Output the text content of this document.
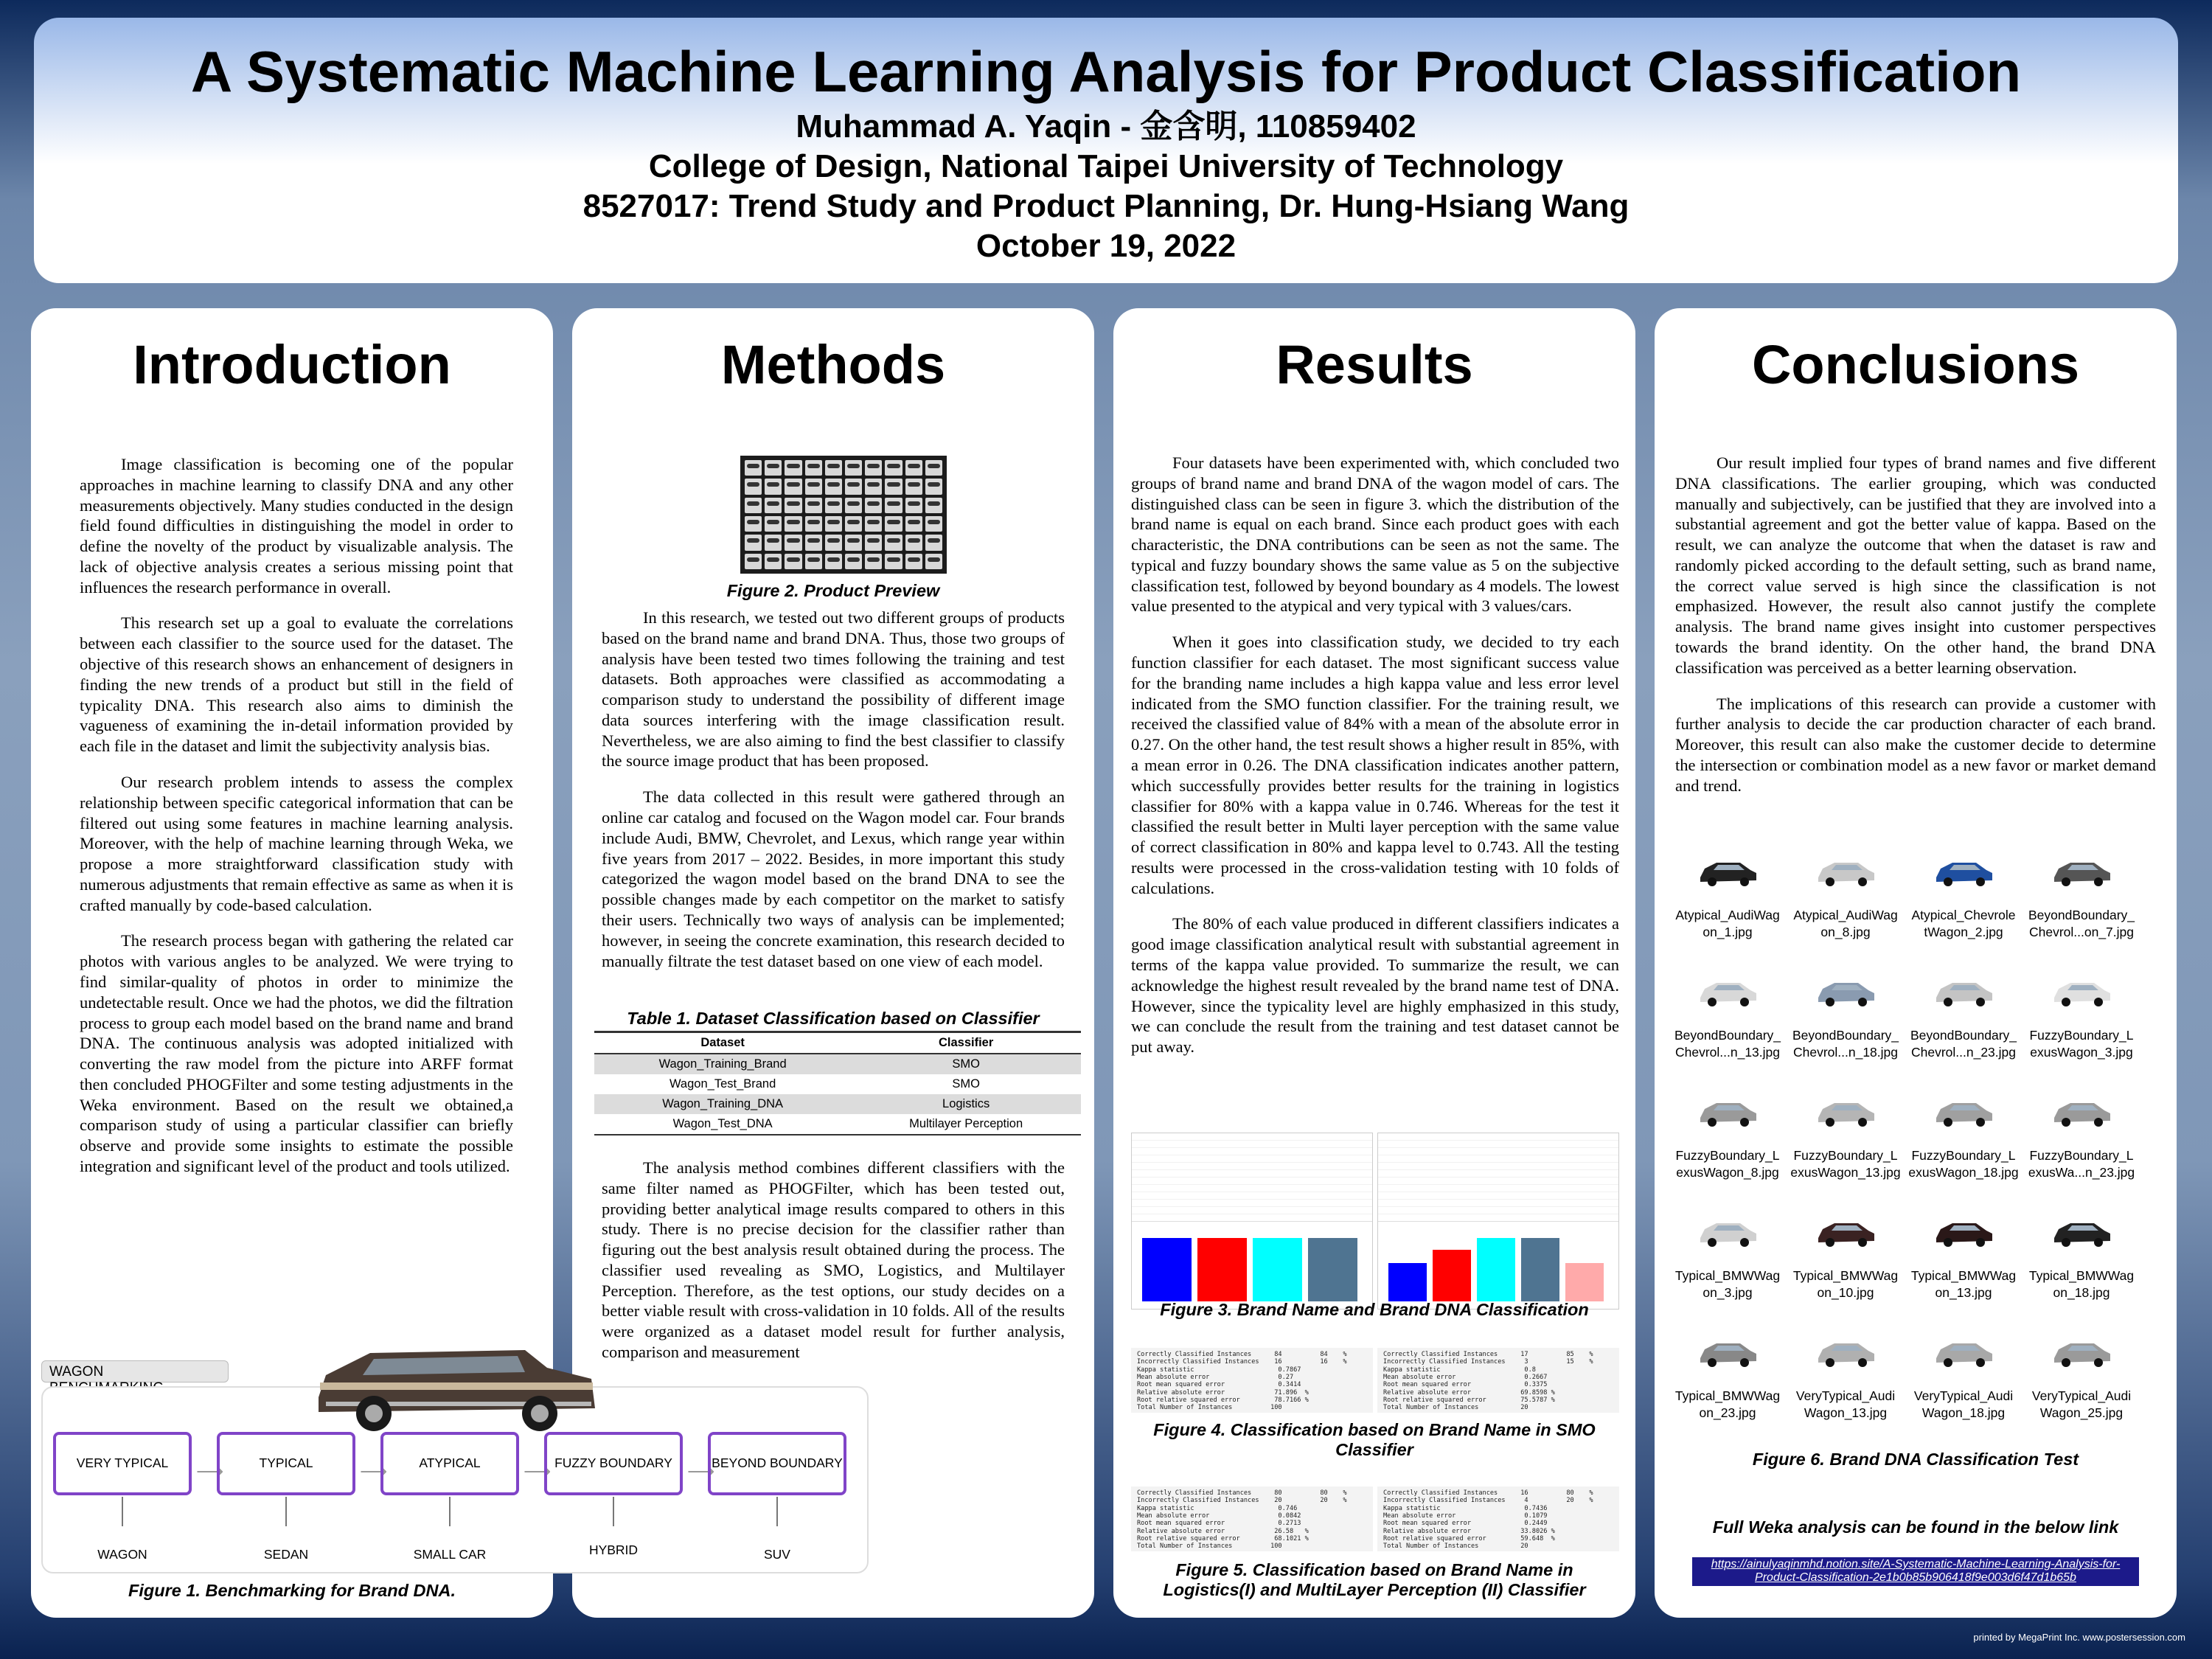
A Systematic Machine Learning Analysis for Product Classification
Muhammad A. Yaqin - 金含明, 110859402
College of Design, National Taipei University of Technology
8527017: Trend Study and Product Planning, Dr. Hung-Hsiang Wang
October 19, 2022
Introduction

Image classification is becoming one of the popular approaches in machine learning to classify DNA and any other measurements objectively. Many studies conducted in the design field found difficulties in distinguishing the model in order to define the novelty of the product by visualizable analysis. The lack of objective analysis creates a serious missing point that influences the research performance in overall.

This research set up a goal to evaluate the correlations between each classifier to the source used for the dataset. The objective of this research shows an enhancement of designers in finding the new trends of a product but still in the field of typicality DNA. This research also aims to diminish the vagueness of examining the in-detail information provided by each file in the dataset and limit the subjectivity analysis bias.

Our research problem intends to assess the complex relationship between specific categorical information that can be filtered out using some features in machine learning analysis. Moreover, with the help of machine learning through Weka, we propose a more straightforward classification study with numerous adjustments that remain effective as same as when it is crafted manually by code-based calculation.

The research process began with gathering the related car photos with various angles to be analyzed. We were trying to find similar-quality of photos in order to minimize the undetectable result. Once we had the photos, we did the filtration process to group each model based on the brand name and brand DNA. The continuous analysis was adopted initialized with converting the raw model from the picture into ARFF format then concluded PHOGFilter and some testing adjustments in the Weka environment. Based on the result we obtained,a comparison study of using a particular classifier can briefly observe and provide some insights to estimate the possible integration and significant level of the product and tools utilized.

Methods
Figure 2. Product Preview

In this research, we tested out two different groups of products based on the brand name and brand DNA. Thus, those two groups of analysis have been tested two times following the training and test datasets. Both approaches were classified as accommodating a comparison study to understand the possibility of different image data sources interfering with the image classification result. Nevertheless, we are also aiming to find the best classifier to classify the source image product that has been proposed.

The data collected in this result were gathered through an online car catalog and focused on the Wagon model car. Four brands include Audi, BMW, Chevrolet, and Lexus, which range year within five years from 2017 – 2022. Besides, in more important this study categorized the wagon model based on the brand DNA to see the possible changes made by each competitor on the market to satisfy their users. Technically two ways of analysis can be implemented; however, in seeing the concrete examination, this research decided to manually filtrate the test dataset based on one view of each model.

Table 1. Dataset Classification based on Classifier
Dataset	Classifier
Wagon_Training_Brand	SMO
Wagon_Test_Brand	SMO
Wagon_Training_DNA	Logistics
Wagon_Test_DNA	Multilayer Perception

The analysis method combines different classifiers with the same filter named as PHOGFilter, which has been tested out, providing better analytical image results compared to others in this study. There is no precise decision for the classifier rather than figuring out the best analysis result obtained during the process. The classifier used revealing as SMO, Logistics, and Multilayer Perception. Therefore, as the test options, our study decides on a better viable result with cross-validation in 10 folds. All of the results were organized as a dataset model result for further analysis, comparison and measurement

Results

Four datasets have been experimented with, which concluded two groups of brand name and brand DNA of the wagon model of cars. The distinguished class can be seen in figure 3. which the distribution of the brand name is equal on each brand. Since each product goes with each characteristic, the DNA contributions can be seen as not the same. The typical and fuzzy boundary shows the same value as 5 on the subjective classification test, followed by beyond boundary as 4 models. The lowest value presented to the atypical and very typical with 3 values/cars.

When it goes into classification study, we decided to try each function classifier for each dataset. The most significant success value for the branding name includes a high kappa value and less error level indicated from the SMO function classifier. For the training result, we received the classified value of 84% with a mean of the absolute error in 0.27. On the other hand, the test result shows a higher result in 85%, with a mean error in 0.26. The DNA classification indicates another pattern, which successfully provides better results for the training in logistics classifier for 80% with a kappa value in 0.746. Whereas for the test it classified the result better in Multi layer perception with the same value of correct classification in 80% and kappa level to 0.743. All the testing results were processed in the cross-validation testing with 10 folds of calculations.

The 80% of each value produced in different classifiers indicates a good image classification analytical result with substantial agreement in terms of the kappa value provided. To summarize the result, we can acknowledge the highest result revealed by the brand name test of DNA. However, since the typicality level are highly emphasized in this study, we can conclude the result from the training and test dataset cannot be put away.

Figure 3. Brand Name and Brand DNA Classification
Correctly Classified Instances      84          84    %
Incorrectly Classified Instances    16          16    %
Kappa statistic                      0.7867
Mean absolute error                  0.27
Root mean squared error              0.3414
Relative absolute error             71.896  %
Root relative squared error         78.7166 %
Total Number of Instances          100
Correctly Classified Instances      17          85    %
Incorrectly Classified Instances     3          15    %
Kappa statistic                      0.8
Mean absolute error                  0.2667
Root mean squared error              0.3375
Relative absolute error             69.8598 %
Root relative squared error         75.5787 %
Total Number of Instances           20
Figure 4. Classification based on Brand Name in SMO Classifier
Correctly Classified Instances      80          80    %
Incorrectly Classified Instances    20          20    %
Kappa statistic                      0.746
Mean absolute error                  0.0842
Root mean squared error              0.2713
Relative absolute error             26.58   %
Root relative squared error         68.1021 %
Total Number of Instances          100
Correctly Classified Instances      16          80    %
Incorrectly Classified Instances     4          20    %
Kappa statistic                      0.7436
Mean absolute error                  0.1079
Root mean squared error              0.2449
Relative absolute error             33.8026 %
Root relative squared error         59.648  %
Total Number of Instances           20
Figure 5. Classification based on Brand Name in Logistics(I) and MultiLayer Perception (II) Classifier
Conclusions

Our result implied four types of brand names and five different DNA classifications. The earlier grouping, which was conducted manually and subjectively, can be justified that they are involved into a substantial agreement and got the better value of kappa. Based on the result, we can analyze the outcome that when the dataset is raw and randomly picked according to the default setting, such as brand name, the correct value served is high since the classification is not emphasized. However, the result also cannot justify the complete analysis. The brand name gives insight into customer perspectives towards the brand identity. On the other hand, the brand DNA classification was perceived as a better learning observation.

The implications of this research can provide a customer with further analysis to decide the car production character of each brand. Moreover, this result can also make the customer decide to determine the intersection or combination model as a new favor or market demand and trend.

Atypical_AudiWag on_1.jpg
Atypical_AudiWag on_8.jpg
Atypical_Chevrole tWagon_2.jpg
BeyondBoundary_ Chevrol...on_7.jpg
BeyondBoundary_ Chevrol...n_13.jpg
BeyondBoundary_ Chevrol...n_18.jpg
BeyondBoundary_ Chevrol...n_23.jpg
FuzzyBoundary_L exusWagon_3.jpg
FuzzyBoundary_L exusWagon_8.jpg
FuzzyBoundary_L exusWagon_13.jpg
FuzzyBoundary_L exusWagon_18.jpg
FuzzyBoundary_L exusWa...n_23.jpg
Typical_BMWWag on_3.jpg
Typical_BMWWag on_10.jpg
Typical_BMWWag on_13.jpg
Typical_BMWWag on_18.jpg
Typical_BMWWag on_23.jpg
VeryTypical_Audi Wagon_13.jpg
VeryTypical_Audi Wagon_18.jpg
VeryTypical_Audi Wagon_25.jpg
Figure 6. Brand DNA Classification Test
Full Weka analysis can be found in the below link
https://ainulyaqinmhd.notion.site/A-Systematic-Machine-Learning-Analysis-for-Product-Classification-2e1b0b85b906418f9e003d6f47d1b65b
WAGON
VERY TYPICAL	⟶	TYPICAL	⟶	ATYPICAL	⟶ FUZZY BOUNDARY ⟶
BEYOND BOUNDARY
WAGON	SEDAN	SMALL CAR	HYBRID	SUV
Figure 1. Benchmarking for Brand DNA.
printed by MegaPrint Inc. www.postersession.com
